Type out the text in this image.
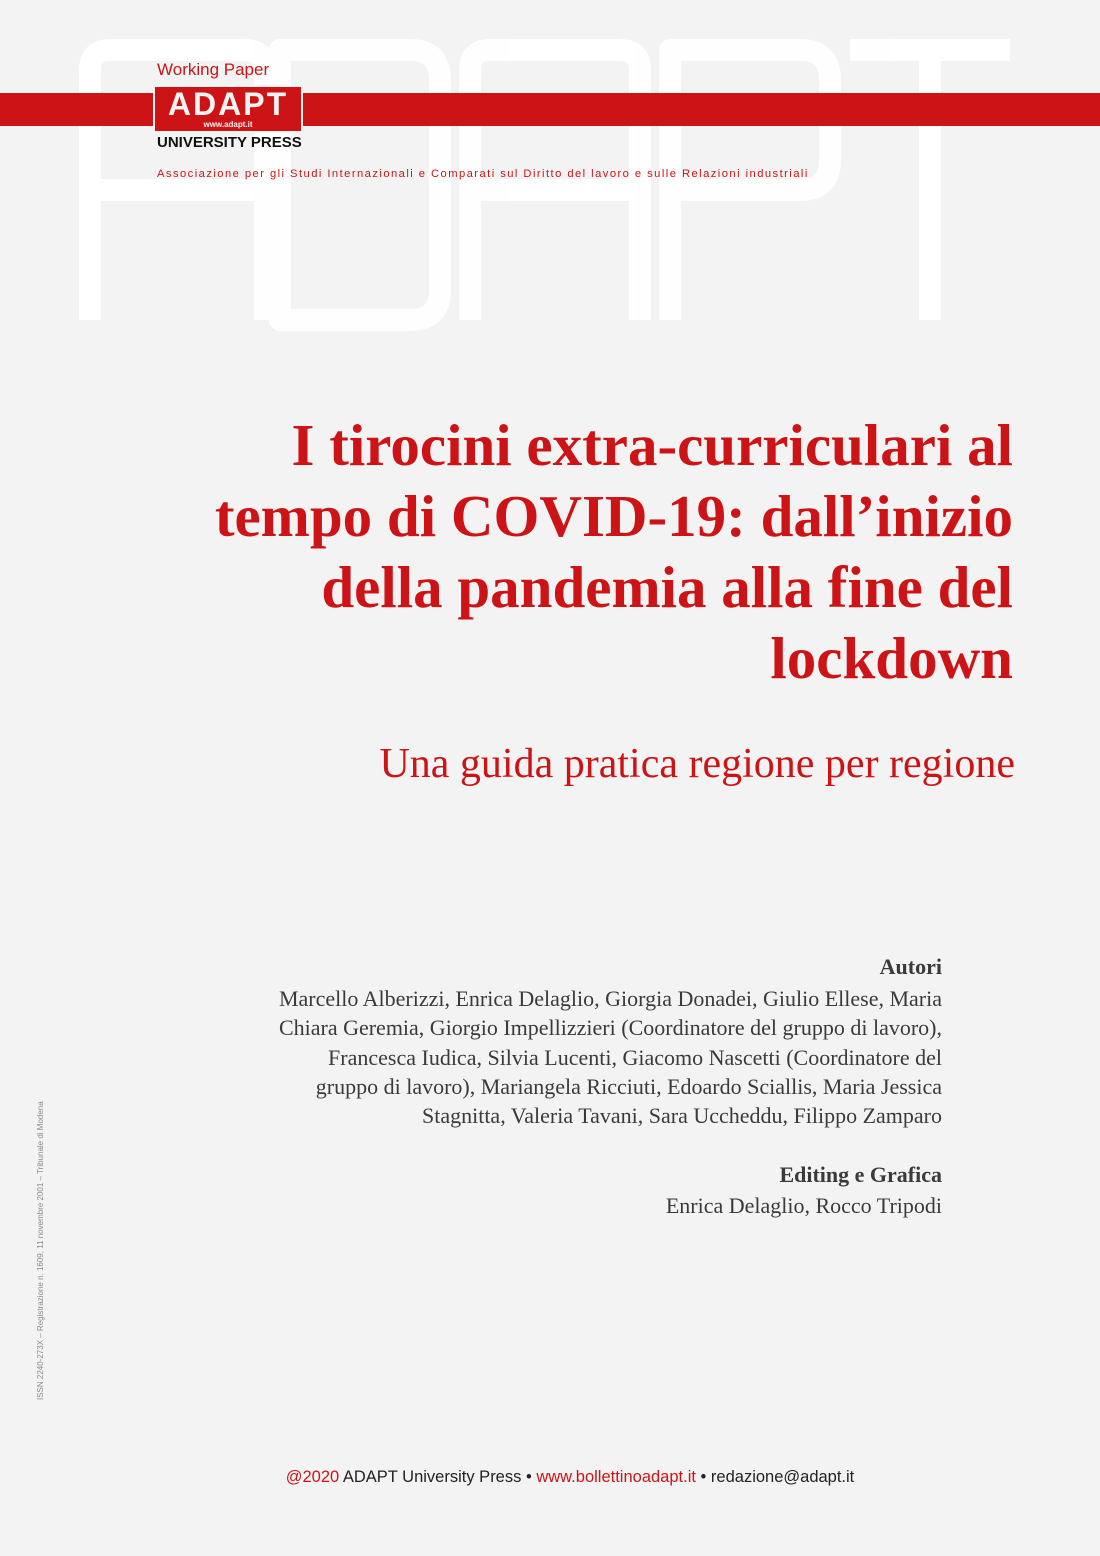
Working Paper
ADAPT
www.adapt.it
UNIVERSITY PRESS
Associazione per gli Studi Internazionali e Comparati sul Diritto del lavoro e sulle Relazioni industriali
I tirocini extra-curriculari al
tempo di COVID-19: dall’inizio
della pandemia alla fine del
lockdown
Una guida pratica regione per regione
Autori
Marcello Alberizzi, Enrica Delaglio, Giorgia Donadei, Giulio Ellese, Maria
Chiara Geremia, Giorgio Impellizzieri (Coordinatore del gruppo di lavoro),
Francesca Iudica, Silvia Lucenti, Giacomo Nascetti (Coordinatore del
gruppo di lavoro), Mariangela Ricciuti, Edoardo Sciallis, Maria Jessica
Stagnitta, Valeria Tavani, Sara Uccheddu, Filippo Zamparo
Editing e Grafica
Enrica Delaglio, Rocco Tripodi
ISSN 2240-273X – Registrazione n. 1609, 11 novembre 2001 – Tribunale di Modena
@2020 ADAPT University Press • www.bollettinoadapt.it • redazione@adapt.it
